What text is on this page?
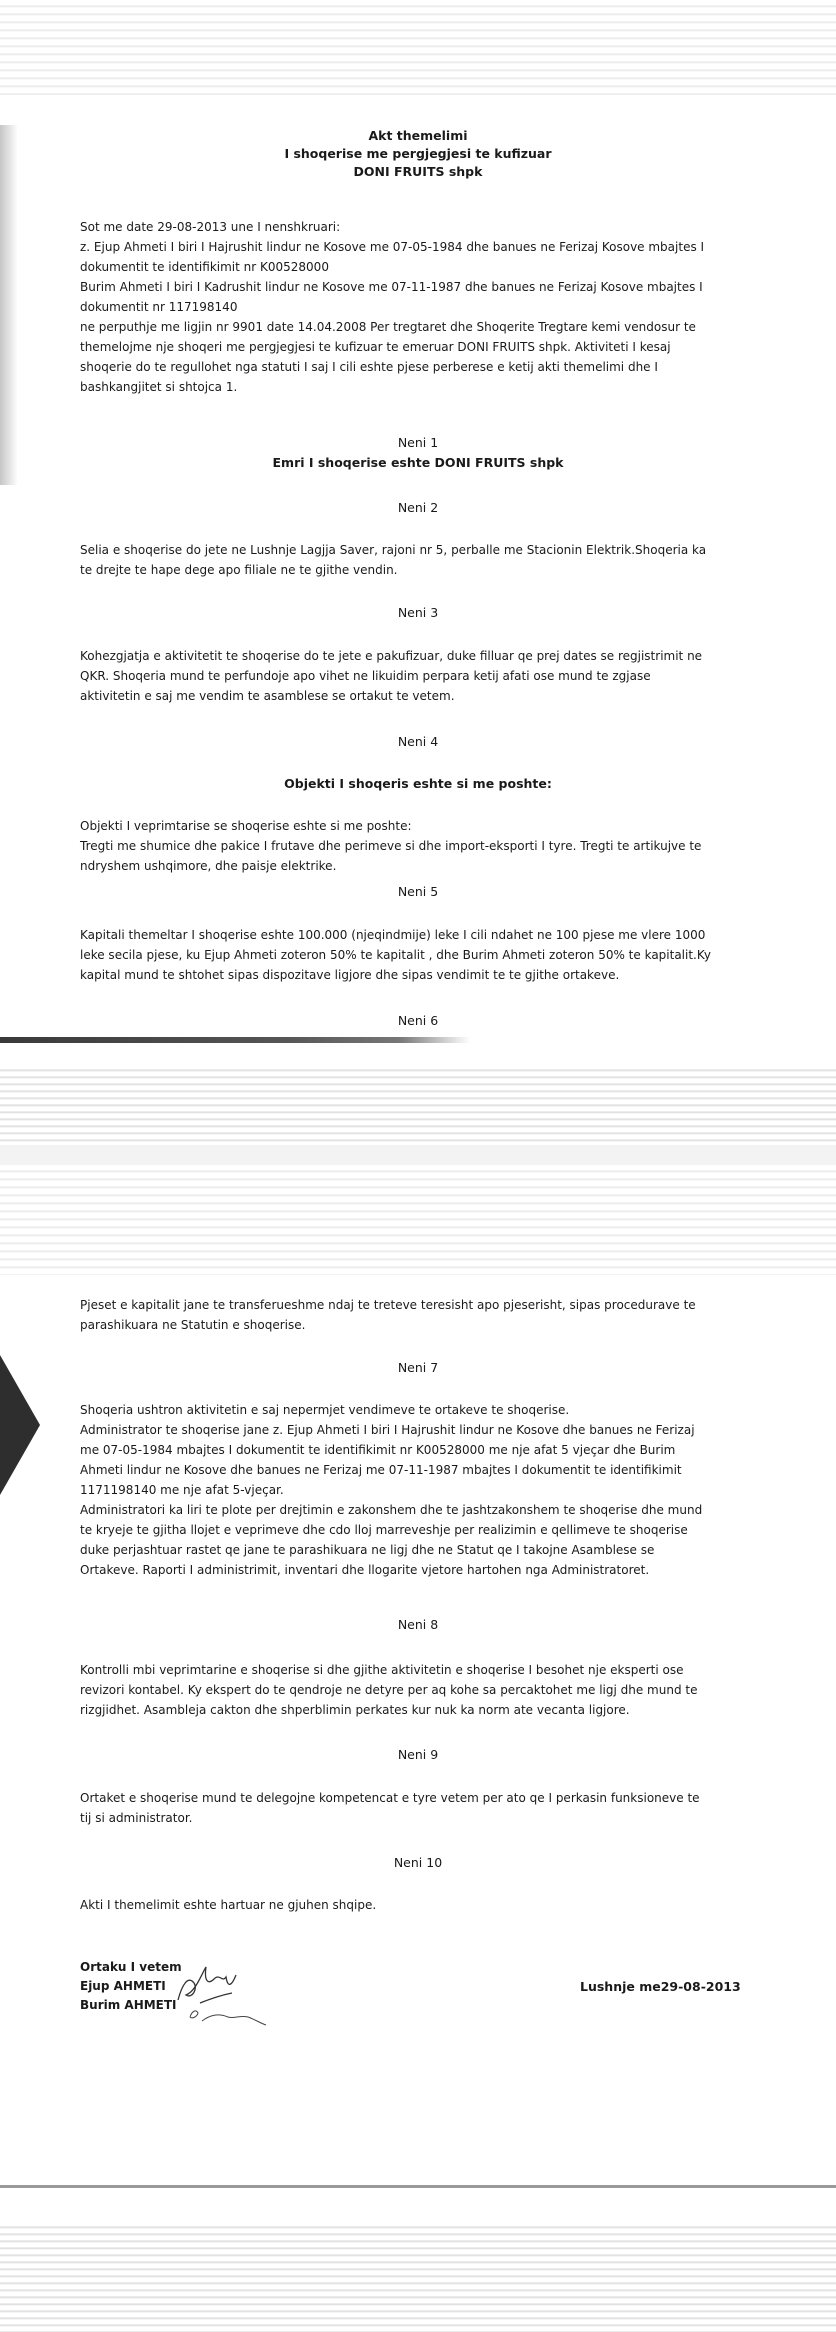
Akt themelimi
I shoqerise me pergjegjesi te kufizuar
DONI FRUITS shpk
Sot me date 29-08-2013 une I nenshkruari:
z. Ejup Ahmeti I biri I Hajrushit lindur ne Kosove me 07-05-1984 dhe banues ne Ferizaj Kosove mbajtes I
dokumentit te identifikimit nr K00528000
Burim Ahmeti I biri I Kadrushit lindur ne Kosove me 07-11-1987 dhe banues ne Ferizaj Kosove mbajtes I
dokumentit nr 117198140
ne perputhje me ligjin nr 9901 date 14.04.2008 Per tregtaret dhe Shoqerite Tregtare kemi vendosur te
themelojme nje shoqeri me pergjegjesi te kufizuar te emeruar DONI FRUITS shpk. Aktiviteti I kesaj
shoqerie do te regullohet nga statuti I saj I cili eshte pjese perberese e ketij akti themelimi dhe I
bashkangjitet si shtojca 1.
Neni 1
Emri I shoqerise eshte DONI FRUITS shpk
Neni 2
Selia e shoqerise do jete ne Lushnje Lagjja Saver, rajoni nr 5, perballe me Stacionin Elektrik.Shoqeria ka
te drejte te hape dege apo filiale ne te gjithe vendin.
Neni 3
Kohezgjatja e aktivitetit te shoqerise do te jete e pakufizuar, duke filluar qe prej dates se regjistrimit ne
QKR. Shoqeria mund te perfundoje apo vihet ne likuidim perpara ketij afati ose mund te zgjase
aktivitetin e saj me vendim te asamblese se ortakut te vetem.
Neni 4
Objekti I shoqeris eshte si me poshte:
Objekti I veprimtarise se shoqerise eshte si me poshte:
Tregti me shumice dhe pakice I frutave dhe perimeve si dhe import-eksporti I tyre. Tregti te artikujve te
ndryshem ushqimore, dhe paisje elektrike.
Neni 5
Kapitali themeltar I shoqerise eshte 100.000 (njeqindmije) leke I cili ndahet ne 100 pjese me vlere 1000
leke secila pjese, ku Ejup Ahmeti zoteron 50% te kapitalit , dhe Burim Ahmeti zoteron 50% te kapitalit.Ky
kapital mund te shtohet sipas dispozitave ligjore dhe sipas vendimit te te gjithe ortakeve.
Neni 6
Pjeset e kapitalit jane te transferueshme ndaj te treteve teresisht apo pjeserisht, sipas procedurave te
parashikuara ne Statutin e shoqerise.
Neni 7
Shoqeria ushtron aktivitetin e saj nepermjet vendimeve te ortakeve te shoqerise.
Administrator te shoqerise jane z. Ejup Ahmeti I biri I Hajrushit lindur ne Kosove dhe banues ne Ferizaj
me 07-05-1984 mbajtes I dokumentit te identifikimit nr K00528000 me nje afat 5 vjeçar dhe Burim
Ahmeti lindur ne Kosove dhe banues ne Ferizaj me 07-11-1987 mbajtes I dokumentit te identifikimit
1171198140 me nje afat 5-vjeçar.
Administratori ka liri te plote per drejtimin e zakonshem dhe te jashtzakonshem te shoqerise dhe mund
te kryeje te gjitha llojet e veprimeve dhe cdo lloj marreveshje per realizimin e qellimeve te shoqerise
duke perjashtuar rastet qe jane te parashikuara ne ligj dhe ne Statut qe I takojne Asamblese se
Ortakeve. Raporti I administrimit, inventari dhe llogarite vjetore hartohen nga Administratoret.
Neni 8
Kontrolli mbi veprimtarine e shoqerise si dhe gjithe aktivitetin e shoqerise I besohet nje eksperti ose
revizori kontabel. Ky ekspert do te qendroje ne detyre per aq kohe sa percaktohet me ligj dhe mund te
rizgjidhet. Asambleja cakton dhe shperblimin perkates kur nuk ka norm ate vecanta ligjore.
Neni 9
Ortaket e shoqerise mund te delegojne kompetencat e tyre vetem per ato qe I perkasin funksioneve te
tij si administrator.
Neni 10
Akti I themelimit eshte hartuar ne gjuhen shqipe.
Ortaku I vetem
Ejup AHMETI
Burim AHMETI
Lushnje me29-08-2013
